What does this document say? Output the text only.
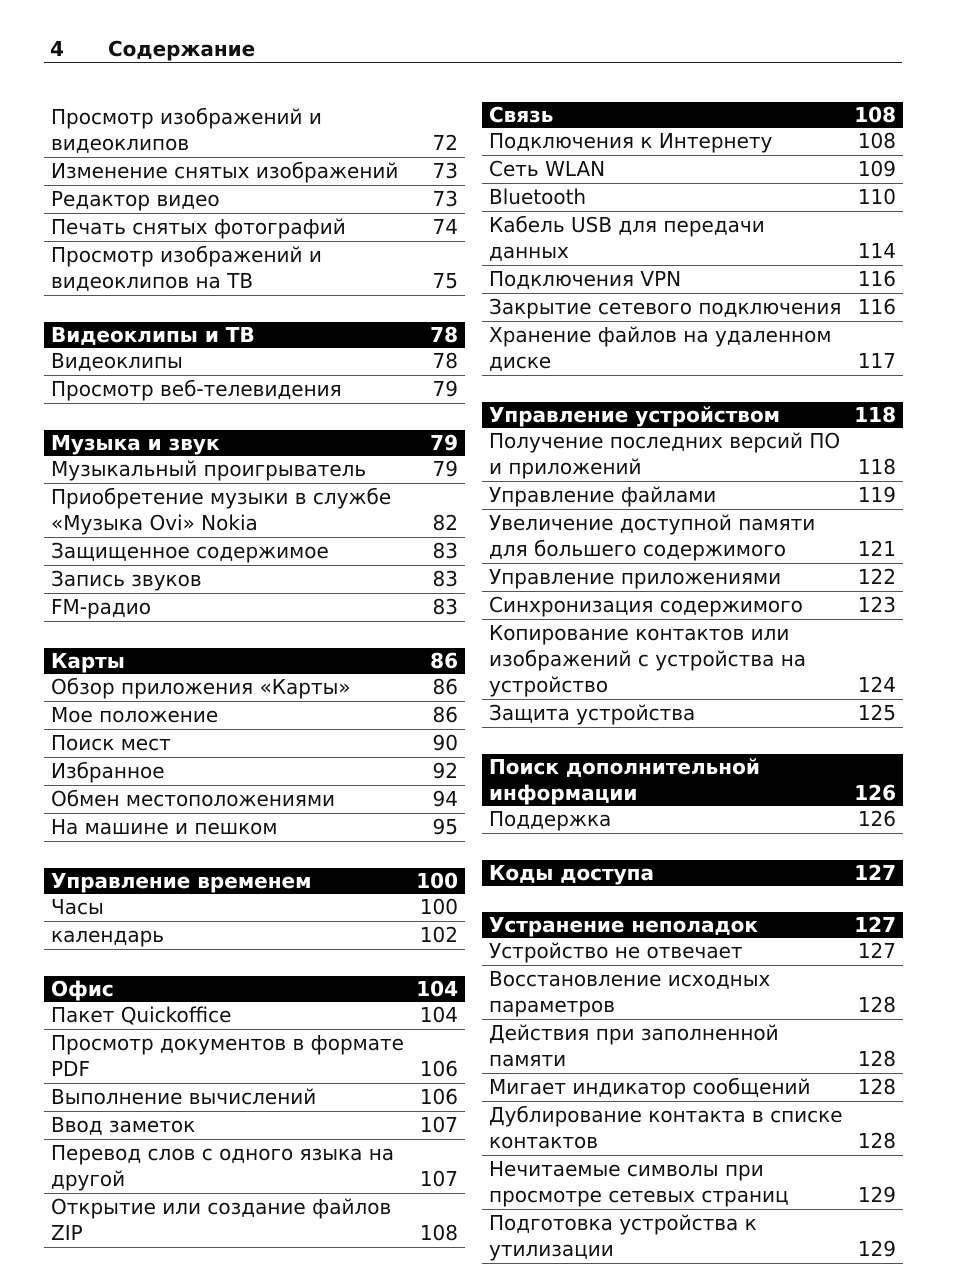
4 Содержание
Просмотр изображений и видеоклипов	72
Изменение снятых изображений	73
Редактор видео	73
Печать снятых фотографий	74
Просмотр изображений и видеоклипов на ТВ	75
Видеоклипы и ТВ	78
Видеоклипы	78
Просмотр веб-телевидения	79
Музыка и звук	79
Музыкальный проигрыватель	79
Приобретение музыки в службе «Музыка Ovi» Nokia	82
Защищенное содержимое	83
Запись звуков	83
FM-радио	83
Карты	86
Обзор приложения «Карты»	86
Мое положение	86
Поиск мест	90
Избранное	92
Обмен местоположениями	94
На машине и пешком	95
Управление временем	100
Часы	100
календарь	102
Офис	104
Пакет Quickoffice	104
Просмотр документов в формате PDF	106
Выполнение вычислений	106
Ввод заметок	107
Перевод слов с одного языка на другой	107
Открытие или создание файлов ZIP	108
Связь	108
Подключения к Интернету	108
Сеть WLAN	109
Bluetooth	110
Кабель USB для передачи данных	114
Подключения VPN	116
Закрытие сетевого подключения 116
Хранение файлов на удаленном диске	117
Управление устройством	118
Получение последних версий ПО и приложений	118
Управление файлами	119
Увеличение доступной памяти для большего содержимого	121
Управление приложениями	122
Синхронизация содержимого	123
Копирование контактов или изображений с устройства на устройство	124
Защита устройства	125
Поиск дополнительной информации	126
Поддержка	126
Коды доступа	127
Устранение неполадок	127
Устройство не отвечает	127
Восстановление исходных параметров	128
Действия при заполненной памяти	128
Мигает индикатор сообщений	128
Дублирование контакта в списке контактов	128
Нечитаемые символы при просмотре сетевых страниц	129
Подготовка устройства к утилизации	129
